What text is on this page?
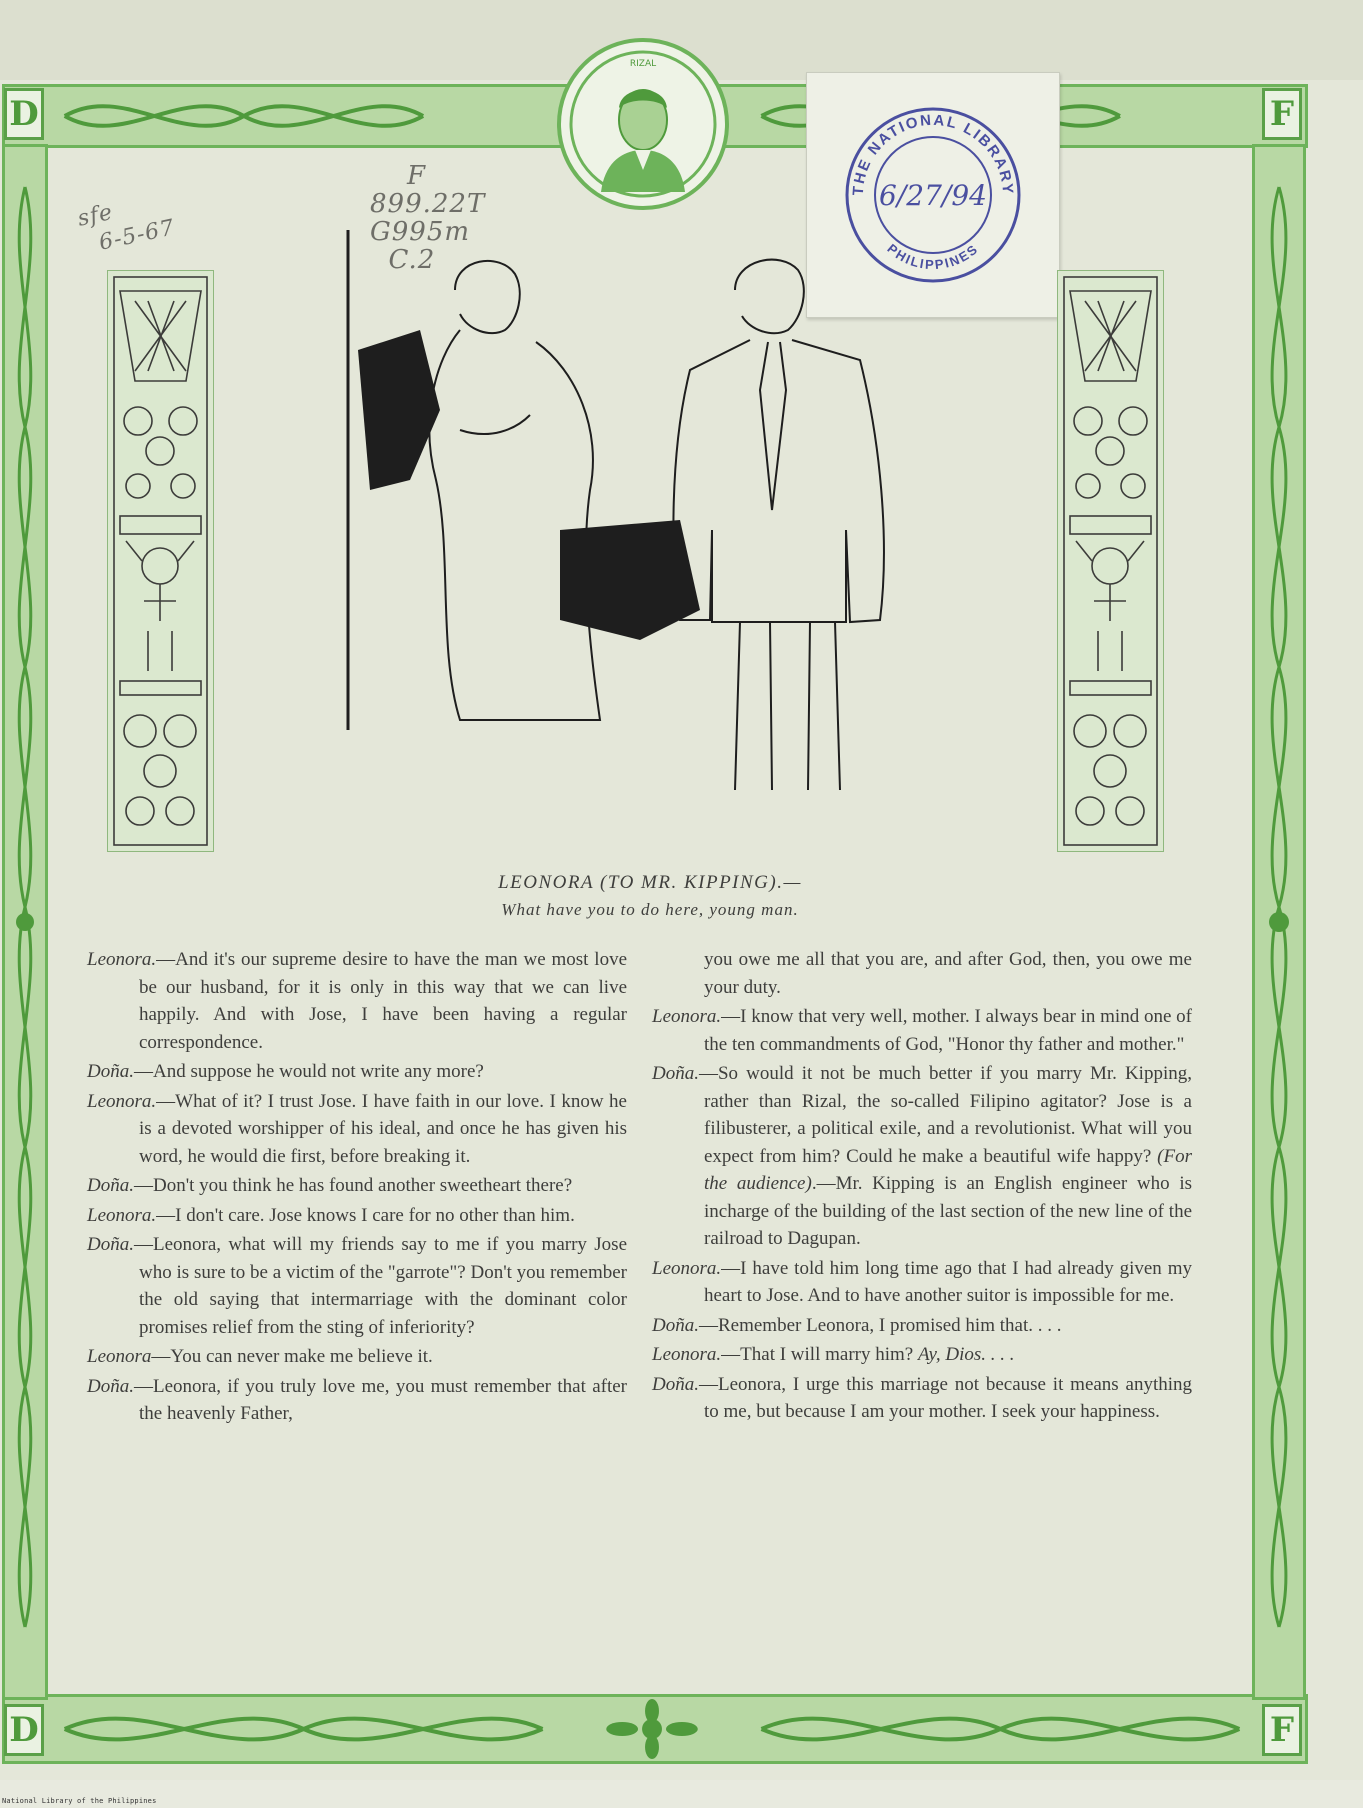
D	F
D	F
RIZAL
THE NATIONAL LIBRARY
PHILIPPINES
6/27/94
sfe
6-5-67
F
899.22T
G995m
C.2
LEONORA (TO MR. KIPPING).—
What have you to do here, young man.

Leonora.—And it's our supreme desire to have the man we most love be our husband, for it is only in this way that we can live happily. And with Jose, I have been having a regular correspondence.

Doña.—And suppose he would not write any more?

Leonora.—What of it? I trust Jose. I have faith in our love. I know he is a devoted worshipper of his ideal, and once he has given his word, he would die first, before breaking it.

Doña.—Don't you think he has found another sweetheart there?

Leonora.—I don't care. Jose knows I care for no other than him.

Doña.—Leonora, what will my friends say to me if you marry Jose who is sure to be a victim of the "garrote"? Don't you remember the old saying that intermarriage with the dominant color promises relief from the sting of inferiority?

Leonora—You can never make me believe it.

Doña.—Leonora, if you truly love me, you must remember that after the heavenly Father,

you owe me all that you are, and after God, then, you owe me your duty.

Leonora.—I know that very well, mother. I always bear in mind one of the ten commandments of God, "Honor thy father and mother."

Doña.—So would it not be much better if you marry Mr. Kipping, rather than Rizal, the so-called Filipino agitator? Jose is a filibusterer, a political exile, and a revolutionist. What will you expect from him? Could he make a beautiful wife happy? (For the audience).—Mr. Kipping is an English engineer who is incharge of the building of the last section of the new line of the railroad to Dagupan.

Leonora.—I have told him long time ago that I had already given my heart to Jose. And to have another suitor is impossible for me.

Doña.—Remember Leonora, I promised him that. . . .

Leonora.—That I will marry him? Ay, Dios. . . .

Doña.—Leonora, I urge this marriage not because it means anything to me, but because I am your mother. I seek your happiness.

National Library of the Philippines
